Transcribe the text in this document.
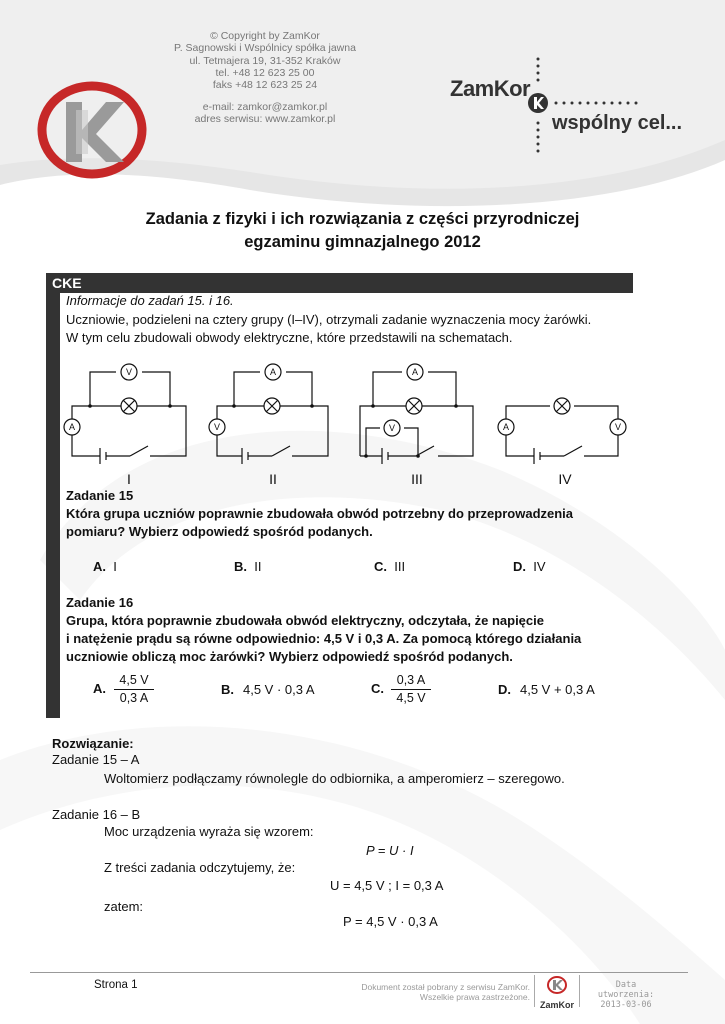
© Copyright by ZamKor
P. Sagnowski i Wspólnicy spółka jawna
ul. Tetmajera 19, 31-352 Kraków
tel. +48 12 623 25 00
faks +48 12 623 25 24
e-mail: zamkor@zamkor.pl
adres serwisu: www.zamkor.pl
ZamKor
wspólny cel...
Zadania z fizyki i ich rozwiązania z części przyrodniczej
egzaminu gimnazjalnego 2012
CKE
Informacje do zadań 15. i 16.
Uczniowie, podzieleni na cztery grupy (I–IV), otrzymali zadanie wyznaczenia mocy żarówki.
W tym celu zbudowali obwody elektryczne, które przedstawili na schematach.
V
A
A
V
A
V	A	V
I	II	III	IV
Zadanie 15
Która grupa uczniów poprawnie zbudowała obwód potrzebny do przeprowadzenia
pomiaru? Wybierz odpowiedź spośród podanych.
A. I	B. II	C. III	D. IV
Zadanie 16
Grupa, która poprawnie zbudowała obwód elektryczny, odczytała, że napięcie
i natężenie prądu są równe odpowiednio: 4,5 V i 0,3 A. Za pomocą którego działania
uczniowie obliczą moc żarówki? Wybierz odpowiedź spośród podanych.
A. $\frac{4,5 V}{0,3 A}$	B. 4,5 V · 0,3 A	C. $\frac{0,3 A}{4,5 V}$	D. 4,5 V + 0,3 A
Rozwiązanie:
Zadanie 15 – A
Woltomierz podłączamy równolegle do odbiornika, a amperomierz – szeregowo.
Zadanie 16 – B
Moc urządzenia wyraża się wzorem:
P = U · I
Z treści zadania odczytujemy, że:
U = 4,5 V ; I = 0,3 A
zatem:
P = 4,5 V · 0,3 A
Strona 1	Dokument został pobrany z serwisu ZamKor.
Wszelkie prawa zastrzeżone.
ZamKor
Data utworzenia:
2013-03-06
